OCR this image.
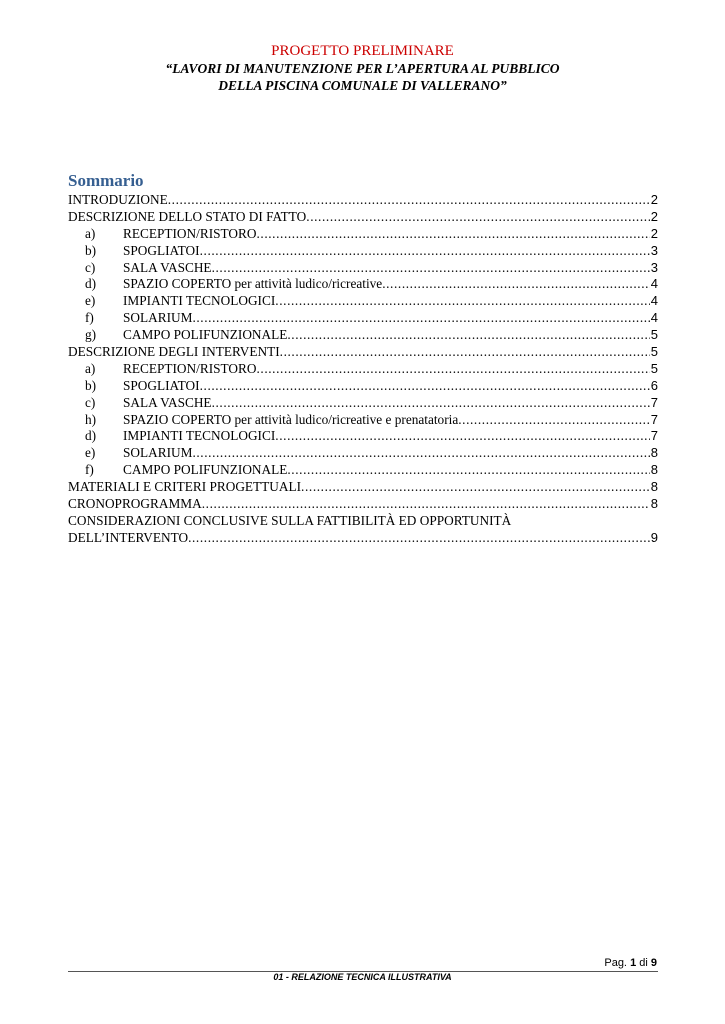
PROGETTO PRELIMINARE
“LAVORI DI MANUTENZIONE PER L’APERTURA AL PUBBLICO
DELLA PISCINA COMUNALE DI VALLERANO”
Sommario
INTRODUZIONE .....	2
DESCRIZIONE DELLO STATO DI FATTO .....	2
a)	RECEPTION/RISTORO .....	2
b)	SPOGLIATOI .....	3
c)	SALA VASCHE .....	3
d)	SPAZIO COPERTO per attività ludico/ricreative .....	4
e)	IMPIANTI TECNOLOGICI .....	4
f)	SOLARIUM .....	4
g)	CAMPO POLIFUNZIONALE .....	5
DESCRIZIONE DEGLI INTERVENTI .....	5
a)	RECEPTION/RISTORO .....	5
b)	SPOGLIATOI .....	6
c)	SALA VASCHE .....	7
h)	SPAZIO COPERTO per attività ludico/ricreative e prenatatoria .....	7
d)	IMPIANTI TECNOLOGICI .....	7
e)	SOLARIUM .....	8
f)	CAMPO POLIFUNZIONALE .....	8
MATERIALI E CRITERI PROGETTUALI .....	8
CRONOPROGRAMMA .....	8
CONSIDERAZIONI CONCLUSIVE SULLA FATTIBILITÀ ED OPPORTUNITÀ
DELL’INTERVENTO .....	9
Pag. 1 di 9
01 - RELAZIONE TECNICA ILLUSTRATIVA
